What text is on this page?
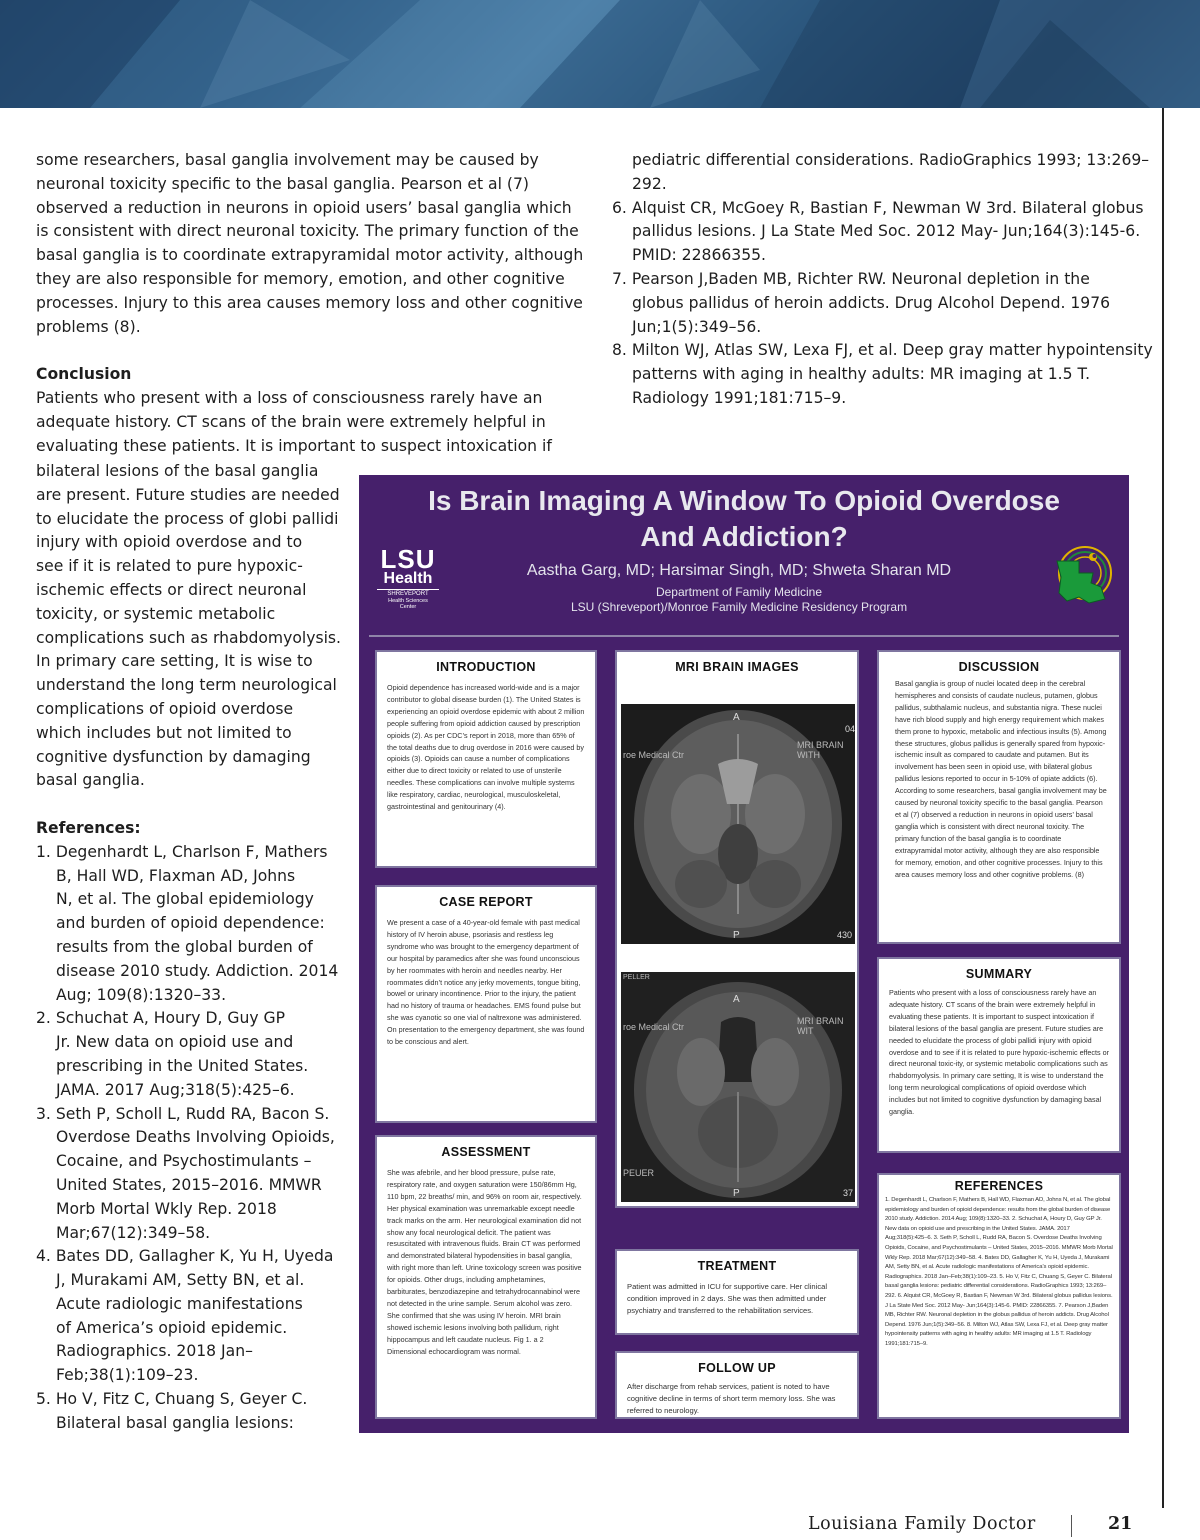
some researchers, basal ganglia involvement may be caused by

neuronal toxicity specific to the basal ganglia. Pearson et al (7)

observed a reduction in neurons in opioid users’ basal ganglia which

is consistent with direct neuronal toxicity. The primary function of the

basal ganglia is to coordinate extrapyramidal motor activity, although

they are also responsible for memory, emotion, and other cognitive

processes. Injury to this area causes memory loss and other cognitive

problems (8).

Conclusion

Patients who present with a loss of consciousness rarely have an

adequate history. CT scans of the brain were extremely helpful in

evaluating these patients. It is important to suspect intoxication if

bilateral lesions of the basal ganglia

are present. Future studies are needed

to elucidate the process of globi pallidi

injury with opioid overdose and to

see if it is related to pure hypoxic-

ischemic effects or direct neuronal

toxicity, or systemic metabolic

complications such as rhabdomyolysis.

In primary care setting, It is wise to

understand the long term neurological

complications of opioid overdose

which includes but not limited to

cognitive dysfunction by damaging

basal ganglia.

References:

1. Degenhardt L, Charlson F, Mathers

B, Hall WD, Flaxman AD, Johns

N, et al. The global epidemiology

and burden of opioid dependence:

results from the global burden of

disease 2010 study. Addiction. 2014

Aug; 109(8):1320–33.

2. Schuchat A, Houry D, Guy GP

Jr. New data on opioid use and

prescribing in the United States.

JAMA. 2017 Aug;318(5):425–6.

3. Seth P, Scholl L, Rudd RA, Bacon S.

Overdose Deaths Involving Opioids,

Cocaine, and Psychostimulants –

United States, 2015–2016. MMWR

Morb Mortal Wkly Rep. 2018

Mar;67(12):349–58.

4. Bates DD, Gallagher K, Yu H, Uyeda

J, Murakami AM, Setty BN, et al.

Acute radiologic manifestations

of America’s opioid epidemic.

Radiographics. 2018 Jan–

Feb;38(1):109–23.

5. Ho V, Fitz C, Chuang S, Geyer C.

Bilateral basal ganglia lesions:

pediatric differential considerations. RadioGraphics 1993; 13:269–

292.

6. Alquist CR, McGoey R, Bastian F, Newman W 3rd. Bilateral globus

pallidus lesions. J La State Med Soc. 2012 May- Jun;164(3):145-6.

PMID: 22866355.

7. Pearson J,Baden MB, Richter RW. Neuronal depletion in the

globus pallidus of heroin addicts. Drug Alcohol Depend. 1976

Jun;1(5):349–56.

8. Milton WJ, Atlas SW, Lexa FJ, et al. Deep gray matter hypointensity

patterns with aging in healthy adults: MR imaging at 1.5 T.

Radiology 1991;181:715–9.

Is Brain Imaging A Window To Opioid Overdose
And Addiction?
LSU
Health
SHREVEPORT
Health Sciences
Center
Aastha Garg, MD; Harsimar Singh, MD; Shweta Sharan MD
Department of Family Medicine
LSU (Shreveport)/Monroe Family Medicine Residency Program
INTRODUCTION
Opioid dependence has increased world-wide and is a major contributor to global disease burden (1). The United States is experiencing an opioid overdose epidemic with about 2 million people suffering from opioid addiction caused by prescription opioids (2). As per CDC’s report in 2018, more than 65% of the total deaths due to drug overdose in 2016 were caused by opioids (3). Opioids can cause a number of complications either due to direct toxicity or related to use of unsterile needles. These complications can involve multiple systems like respiratory, cardiac, neurological, musculoskeletal, gastrointestinal and genitourinary (4).
CASE REPORT
We present a case of a 40-year-old female with past medical history of IV heroin abuse, psoriasis and restless leg syndrome who was brought to the emergency department of our hospital by paramedics after she was found unconscious by her roommates with heroin and needles nearby. Her roommates didn’t notice any jerky movements, tongue biting, bowel or urinary incontinence. Prior to the injury, the patient had no history of trauma or headaches. EMS found pulse but she was cyanotic so one vial of naltrexone was administered. On presentation to the emergency department, she was found to be conscious and alert.
ASSESSMENT
She was afebrile, and her blood pressure, pulse rate, respiratory rate, and oxygen saturation were 150/86mm Hg, 110 bpm, 22 breaths/ min, and 96% on room air, respectively. Her physical examination was unremarkable except needle track marks on the arm. Her neurological examination did not show any focal neurological deficit. The patient was resuscitated with intravenous fluids. Brain CT was performed and demonstrated bilateral hypodensities in basal ganglia, with right more than left. Urine toxicology screen was positive for opioids. Other drugs, including amphetamines, barbiturates, benzodiazepine and tetrahydrocannabinol were not detected in the urine sample. Serum alcohol was zero. She confirmed that she was using IV heroin. MRI brain showed ischemic lesions involving both pallidum, right hippocampus and left caudate nucleus. Fig 1. a 2 Dimensional echocardiogram was normal.
MRI BRAIN IMAGES
A
P
roe Medical Ctr
MRI BRAIN WITH
04
430
A
P
roe Medical Ctr
MRI BRAIN WIT
PELLER
PEUER
37
TREATMENT
Patient was admitted in ICU for supportive care. Her clinical condition improved in 2 days. She was then admitted under psychiatry and transferred to the rehabilitation services.
FOLLOW UP
After discharge from rehab services, patient is noted to have cognitive decline in terms of short term memory loss. She was referred to neurology.
DISCUSSION
Basal ganglia is group of nuclei located deep in the cerebral hemispheres and consists of caudate nucleus, putamen, globus pallidus, subthalamic nucleus, and substantia nigra. These nuclei have rich blood supply and high energy requirement which makes them prone to hypoxic, metabolic and infectious insults (5). Among these structures, globus pallidus is generally spared from hypoxic-ischemic insult as compared to caudate and putamen. But its involvement has been seen in opioid use, with bilateral globus pallidus lesions reported to occur in 5-10% of opiate addicts (6). According to some researchers, basal ganglia involvement may be caused by neuronal toxicity specific to the basal ganglia. Pearson et al (7) observed a reduction in neurons in opioid users’ basal ganglia which is consistent with direct neuronal toxicity. The primary function of the basal ganglia is to coordinate extrapyramidal motor activity, although they are also responsible for memory, emotion, and other cognitive processes. Injury to this area causes memory loss and other cognitive problems. (8)
SUMMARY
Patients who present with a loss of consciousness rarely have an adequate history. CT scans of the brain were extremely helpful in evaluating these patients. It is important to suspect intoxication if bilateral lesions of the basal ganglia are present. Future studies are needed to elucidate the process of globi pallidi injury with opioid overdose and to see if it is related to pure hypoxic-ischemic effects or direct neuronal toxic-ity, or systemic metabolic complications such as rhabdomyolysis. In primary care setting, It is wise to understand the long term neurological complications of opioid overdose which includes but not limited to cognitive dysfunction by damaging basal ganglia.
REFERENCES
1. Degenhardt L, Charlson F, Mathers B, Hall WD, Flaxman AD, Johns N, et al. The global epidemiology and burden of opioid dependence: results from the global burden of disease 2010 study. Addiction. 2014 Aug; 109(8):1320–33. 2. Schuchat A, Houry D, Guy GP Jr. New data on opioid use and prescribing in the United States. JAMA. 2017 Aug;318(5):425–6. 3. Seth P, Scholl L, Rudd RA, Bacon S. Overdose Deaths Involving Opioids, Cocaine, and Psychostimulants – United States, 2015–2016. MMWR Morb Mortal Wkly Rep. 2018 Mar;67(12):349–58. 4. Bates DD, Gallagher K, Yu H, Uyeda J, Murakami AM, Setty BN, et al. Acute radiologic manifestations of America’s opioid epidemic. Radiographics. 2018 Jan–Feb;38(1):109–23. 5. Ho V, Fitz C, Chuang S, Geyer C. Bilateral basal ganglia lesions: pediatric differential considerations. RadioGraphics 1993; 13:269–292. 6. Alquist CR, McGoey R, Bastian F, Newman W 3rd. Bilateral globus pallidus lesions. J La State Med Soc. 2012 May- Jun;164(3):145-6. PMID: 22866355. 7. Pearson J,Baden MB, Richter RW. Neuronal depletion in the globus pallidus of heroin addicts. Drug Alcohol Depend. 1976 Jun;1(5):349–56. 8. Milton WJ, Atlas SW, Lexa FJ, et al. Deep gray matter hypointensity patterns with aging in healthy adults: MR imaging at 1.5 T. Radiology 1991;181:715–9.
Louisiana Family Doctor	21
